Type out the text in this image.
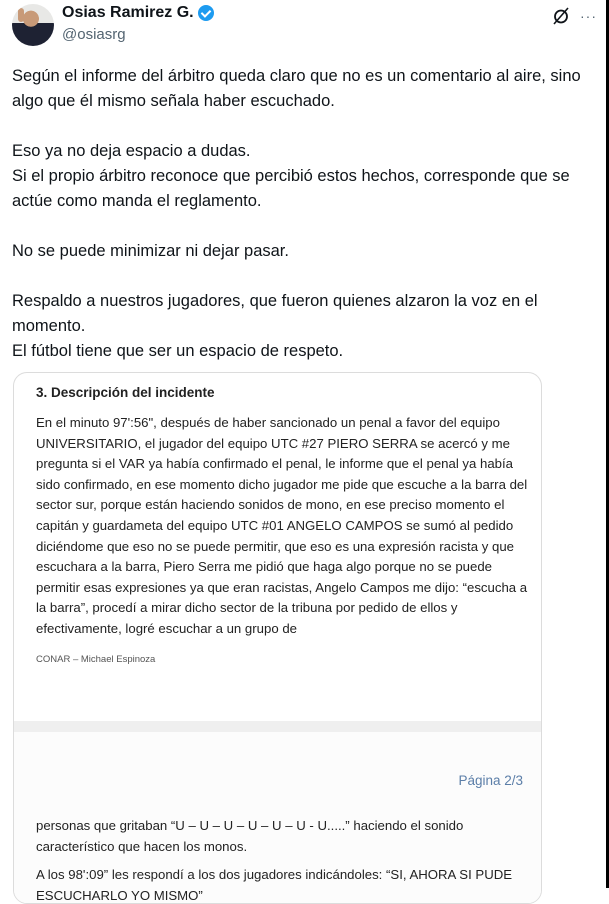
Osias Ramirez G.
@osiasrg
···

Según el informe del árbitro queda claro que no es un comentario al aire, sino algo que él mismo señala haber escuchado.

Eso ya no deja espacio a dudas.

Si el propio árbitro reconoce que percibió estos hechos, corresponde que se actúe como manda el reglamento.

No se puede minimizar ni dejar pasar.

Respaldo a nuestros jugadores, que fueron quienes alzaron la voz en el momento.

El fútbol tiene que ser un espacio de respeto.

3. Descripción del incidente
En el minuto 97':56", después de haber sancionado un penal a favor del equipo UNIVERSITARIO, el jugador del equipo UTC #27 PIERO SERRA se acercó y me pregunta si el VAR ya había confirmado el penal, le informe que el penal ya había sido confirmado, en ese momento dicho jugador me pide que escuche a la barra del sector sur, porque están haciendo sonidos de mono, en ese preciso momento el capitán y guardameta del equipo UTC #01 ANGELO CAMPOS se sumó al pedido diciéndome que eso no se puede permitir, que eso es una expresión racista y que escuchara a la barra, Piero Serra me pidió que haga algo porque no se puede permitir esas expresiones ya que eran racistas, Angelo Campos me dijo: “escucha a la barra”, procedí a mirar dicho sector de la tribuna por pedido de ellos y efectivamente, logré escuchar a un grupo de
CONAR – Michael Espinoza
Página 2/3

personas que gritaban “U – U – U – U – U – U - U.....” haciendo el sonido característico que hacen los monos.

A los 98':09” les respondí a los dos jugadores indicándoles: “SI, AHORA SI PUDE ESCUCHARLO YO MISMO”
